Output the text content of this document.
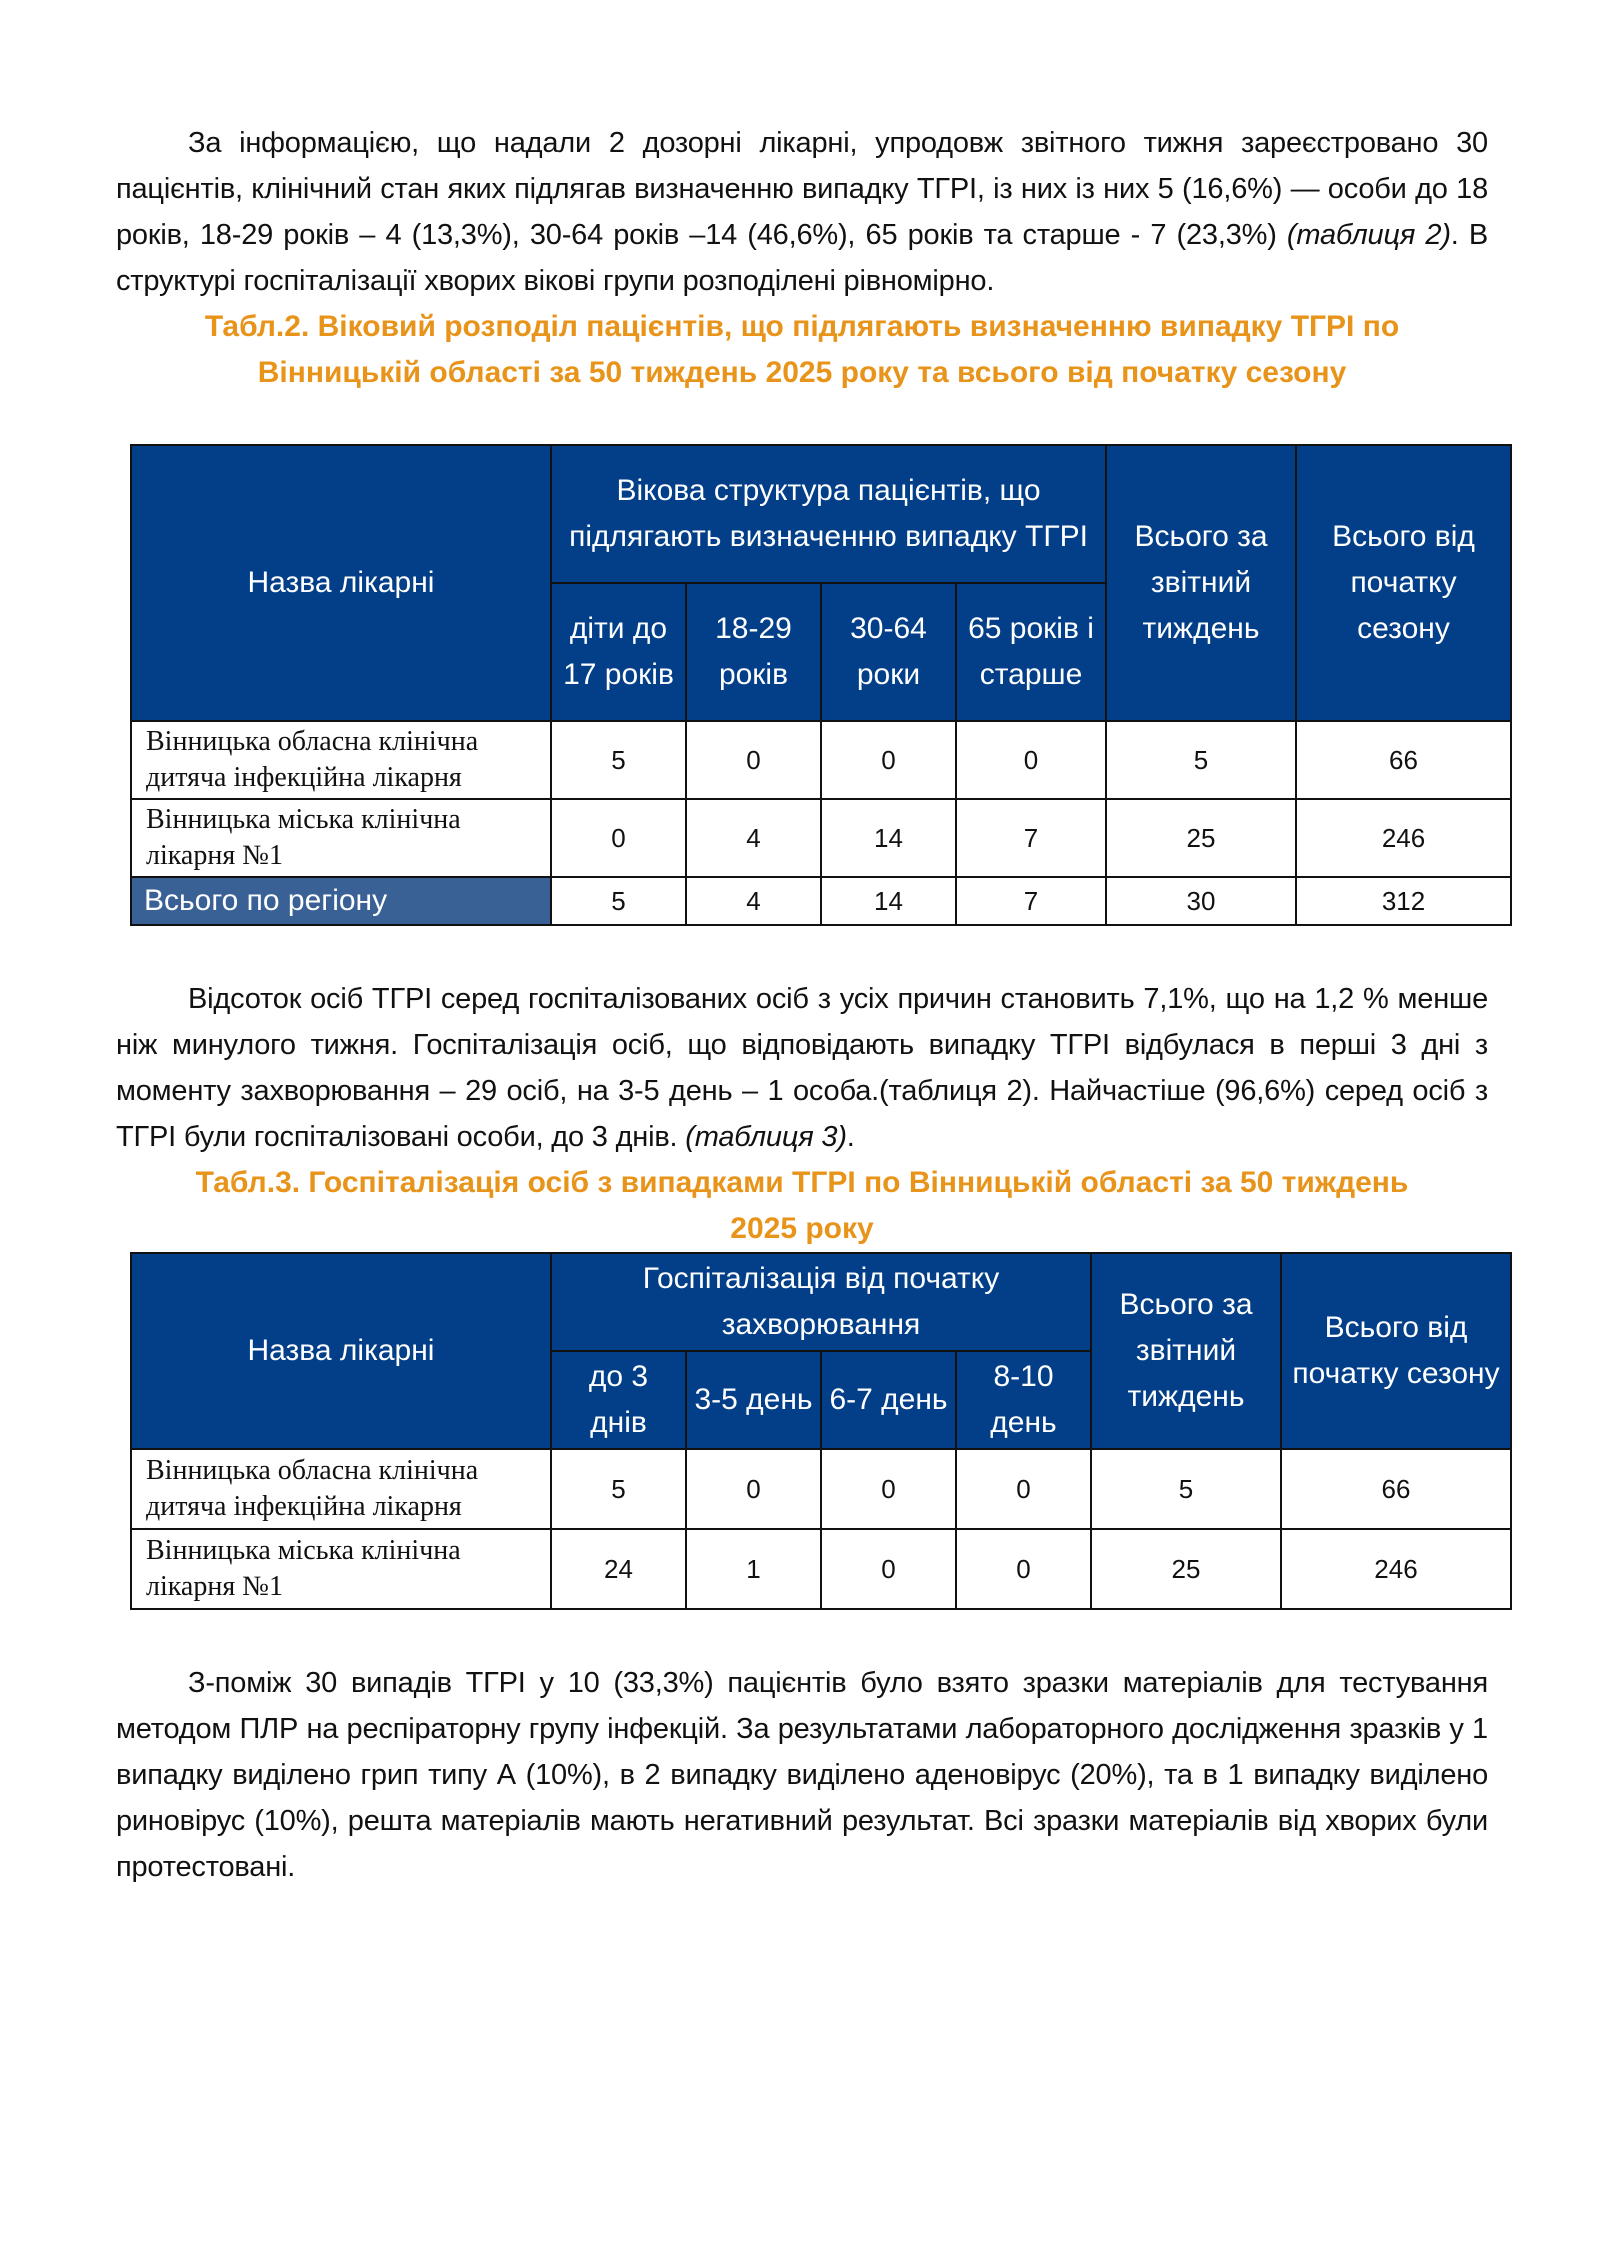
За інформацією, що надали 2 дозорні лікарні, упродовж звітного тижня зареєстровано 30 пацієнтів, клінічний стан яких підлягав визначенню випадку ТГРІ, із них із них 5 (16,6%) — особи до 18 років, 18-29 років – 4 (13,3%), 30-64 років –14 (46,6%), 65 років та старше - 7 (23,3%) (таблиця 2). В структурі госпіталізації хворих вікові групи розподілені рівномірно.

Табл.2. Віковий розподіл пацієнтів, що підлягають визначенню випадку ТГРІ по
Вінницькій області за 50 тиждень 2025 року та всього від початку сезону

Назва лікарні	Вікова структура пацієнтів, що підлягають визначенню випадку ТГРІ				Всього за звітний тиждень	Всього від початку сезону
	діти до 17 років	18-29 років	30-64 роки	65 років і старше		
Вінницька обласна клінічна дитяча інфекційна лікарня	5	0	0	0	5	66
Вінницька міська клінічна лікарня №1	0	4	14	7	25	246
Всього по регіону	5	4	14	7	30	312

Відсоток осіб ТГРІ серед госпіталізованих осіб з усіх причин становить 7,1%, що на 1,2 % менше ніж минулого тижня. Госпіталізація осіб, що відповідають випадку ТГРІ відбулася в перші 3 дні з моменту захворювання – 29 осіб, на 3-5 день – 1 особа.(таблиця 2). Найчастіше (96,6%) серед осіб з ТГРІ були госпіталізовані особи, до 3 днів. (таблиця 3).

Табл.3. Госпіталізація осіб з випадками ТГРІ по Вінницькій області за 50 тиждень
2025 року

Назва лікарні	Госпіталізація від початку захворювання				Всього за звітний тиждень	Всього від початку сезону
	до 3 днів	3-5 день	6-7 день	8-10 день		
Вінницька обласна клінічна дитяча інфекційна лікарня	5	0	0	0	5	66
Вінницька міська клінічна лікарня №1	24	1	0	0	25	246

З-поміж 30 випадів ТГРІ у 10 (33,3%) пацієнтів було взято зразки матеріалів для тестування методом ПЛР на респіраторну групу інфекцій. За результатами лабораторного дослідження зразків у 1 випадку виділено грип типу А (10%), в 2 випадку виділено аденовірус (20%), та в 1 випадку виділено риновірус (10%), решта матеріалів мають негативний результат. Всі зразки матеріалів від хворих були протестовані.
